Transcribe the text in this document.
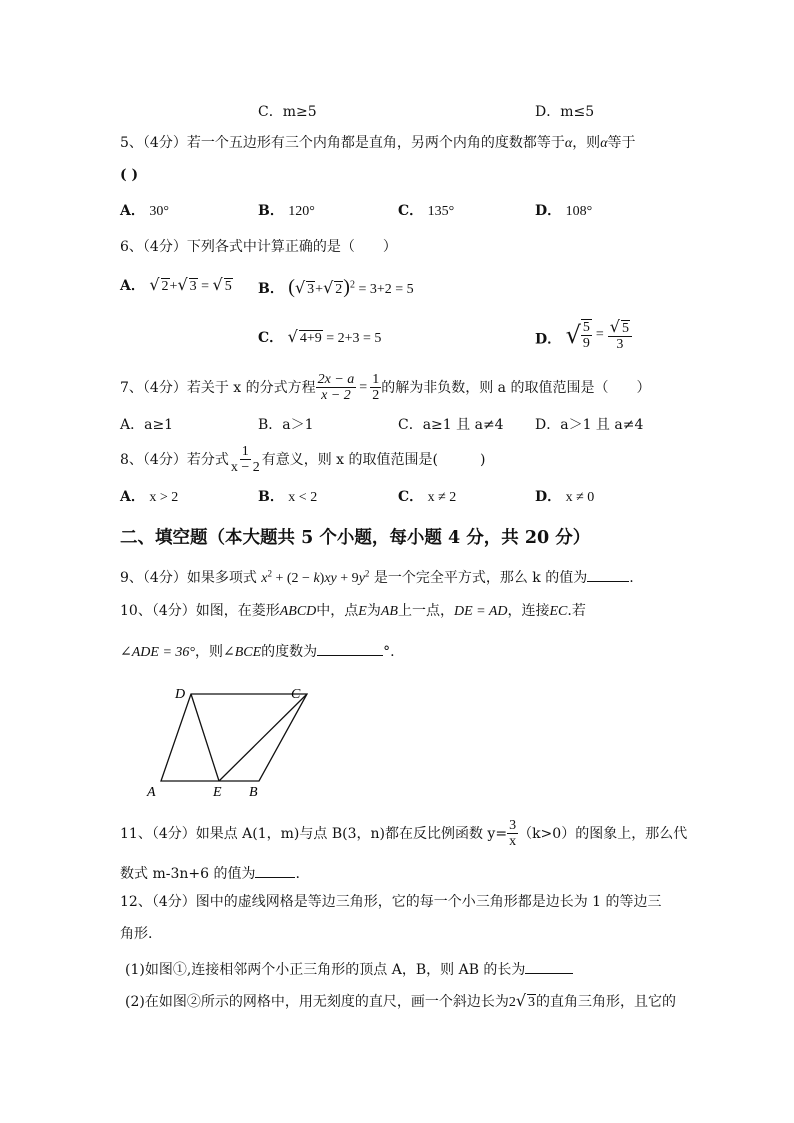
C．m≥5	D．m≤5
5、（4分）若一个五边形有三个内角都是直角，另两个内角的度数都等于α，则α等于
( )
A． 30°	B． 120°	C． 135°	D． 108°
6、（4分）下列各式中计算正确的是（　　）
A． √ 2+√ 3 = √ 5 B． (√ 3+√ 2)$^2$ = 3+2 = 5
C． √ 4+9 = 2+3 = 5	D． √ $\frac{5}{9} = \frac{√ 5}{3}$
7、（4分）若关于 x 的分式方程 $\frac{2x - a}{x - 2} = \frac{1}{2}$ 的解为非负数，则 a 的取值范围是（　　）
A．a≥1	B．a＞1	C．a≥1 且 a≠4 D．a＞1 且 a≠4
8、（4分）若分式 $\frac{1}{x - 2}$ 有意义，则 x 的取值范围是(　　　)
A． x > 2	B． x < 2	C． x ≠ 2	D． x ≠ 0
二、填空题（本大题共 5 个小题，每小题 4 分，共 20 分）
9、（4分）如果多项式 $x^2 + (2 - k)xy + 9y^2$ 是一个完全平方式，那么 k 的值为	.
10、（4分）如图，在菱形ABCD中，点E为AB上一点，DE = AD，连接EC.若
∠ADE = 36°，则∠BCE的度数为	°.
D	C
A	E B
11、（4分）如果点 A(1，m)与点 B(3，n)都在反比例函数 $y= \frac{3}{x} (k>0)$的图象上，那么代
数式 m-3n+6 的值为	.
12、（4分）图中的虚线网格是等边三角形，它的每一个小三角形都是边长为 1 的等边三
角形.
(1)如图①,连接相邻两个小正三角形的顶点 A，B，则 AB 的长为
(2)在如图②所示的网格中，用无刻度的直尺，画一个斜边长为2√ 3的直角三角形，且它的
